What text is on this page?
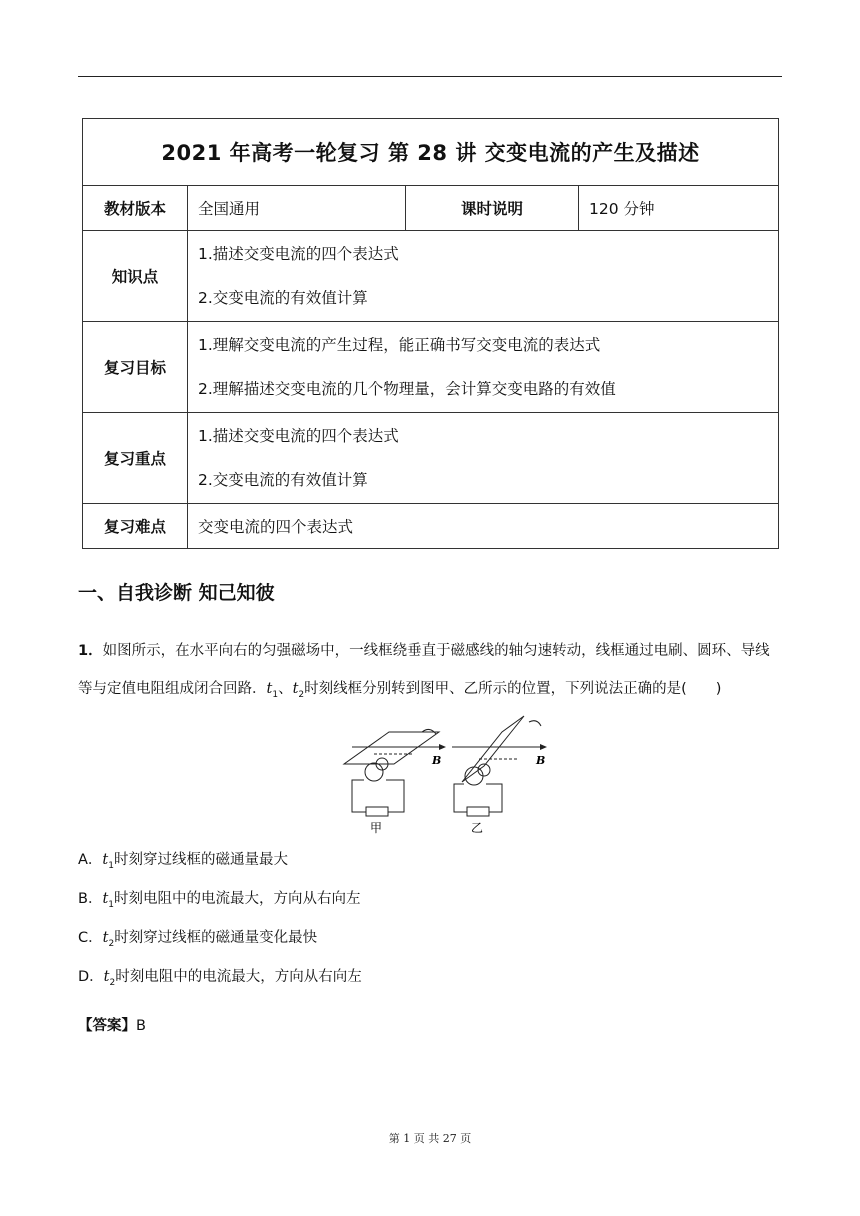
2021 年高考一轮复习 第 28 讲 交变电流的产生及描述			
教材版本	全国通用	课时说明	120 分钟
知识点	1.描述交变电流的四个表达式
2.交变电流的有效值计算		

复习目标	1.理解交变电流的产生过程，能正确书写交变电流的表达式
2.理解描述交变电流的几个物理量，会计算交变电路的有效值		

复习重点	1.描述交变电流的四个表达式
2.交变电流的有效值计算		

复习难点	交变电流的四个表达式		
一、自我诊断 知己知彼
1．如图所示，在水平向右的匀强磁场中，一线框绕垂直于磁感线的轴匀速转动，线框通过电刷、圆环、导线等与定值电阻组成闭合回路．$t_1$、$t_2$时刻线框分别转到图甲、乙所示的位置，下列说法正确的是(　　)
B	B
甲	乙
A．$t_1$时刻穿过线框的磁通量最大
B．$t_1$时刻电阻中的电流最大，方向从右向左
C．$t_2$时刻穿过线框的磁通量变化最快
D．$t_2$时刻电阻中的电流最大，方向从右向左
【答案】B
第 1 页 共 27 页
